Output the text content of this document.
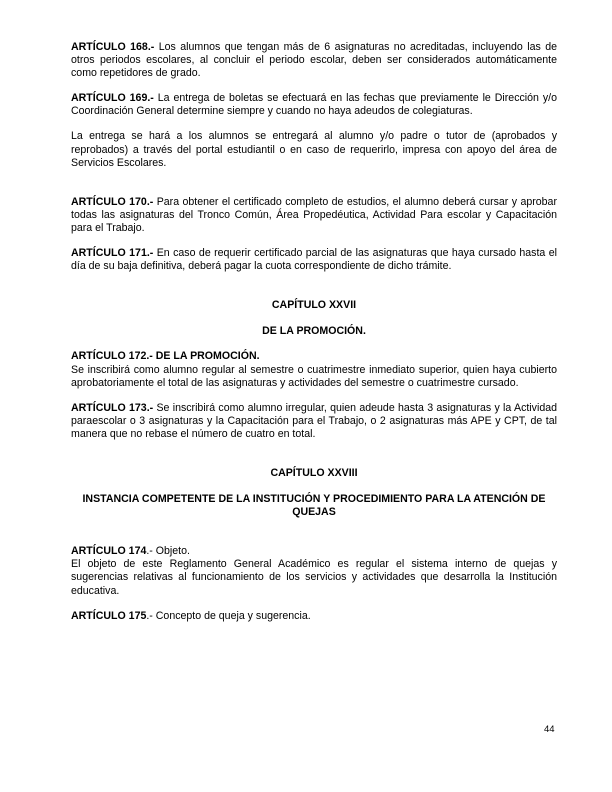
ARTÍCULO 168.- Los alumnos que tengan más de 6 asignaturas no acreditadas, incluyendo las de otros periodos escolares, al concluir el periodo escolar, deben ser considerados automáticamente como repetidores de grado.

ARTÍCULO 169.- La entrega de boletas se efectuará en las fechas que previamente le Dirección y/o Coordinación General determine siempre y cuando no haya adeudos de colegiaturas.

La entrega se hará a los alumnos se entregará al alumno y/o padre o tutor de (aprobados y reprobados) a través del portal estudiantil o en caso de requerirlo, impresa con apoyo del área de Servicios Escolares.

ARTÍCULO 170.- Para obtener el certificado completo de estudios, el alumno deberá cursar y aprobar todas las asignaturas del Tronco Común, Área Propedéutica, Actividad Para escolar y Capacitación para el Trabajo.

ARTÍCULO 171.- En caso de requerir certificado parcial de las asignaturas que haya cursado hasta el día de su baja definitiva, deberá pagar la cuota correspondiente de dicho trámite.

CAPÍTULO XXVII

DE LA PROMOCIÓN.

ARTÍCULO 172.- DE LA PROMOCIÓN.

Se inscribirá como alumno regular al semestre o cuatrimestre inmediato superior, quien haya cubierto aprobatoriamente el total de las asignaturas y actividades del semestre o cuatrimestre cursado.

ARTÍCULO 173.- Se inscribirá como alumno irregular, quien adeude hasta 3 asignaturas y la Actividad paraescolar o 3 asignaturas y la Capacitación para el Trabajo, o 2 asignaturas más APE y CPT, de tal manera que no rebase el número de cuatro en total.

CAPÍTULO XXVIII

INSTANCIA COMPETENTE DE LA INSTITUCIÓN Y PROCEDIMIENTO PARA LA ATENCIÓN DE QUEJAS

ARTÍCULO 174.- Objeto.

El objeto de este Reglamento General Académico es regular el sistema interno de quejas y sugerencias relativas al funcionamiento de los servicios y actividades que desarrolla la Institución educativa.

ARTÍCULO 175.- Concepto de queja y sugerencia.

44
